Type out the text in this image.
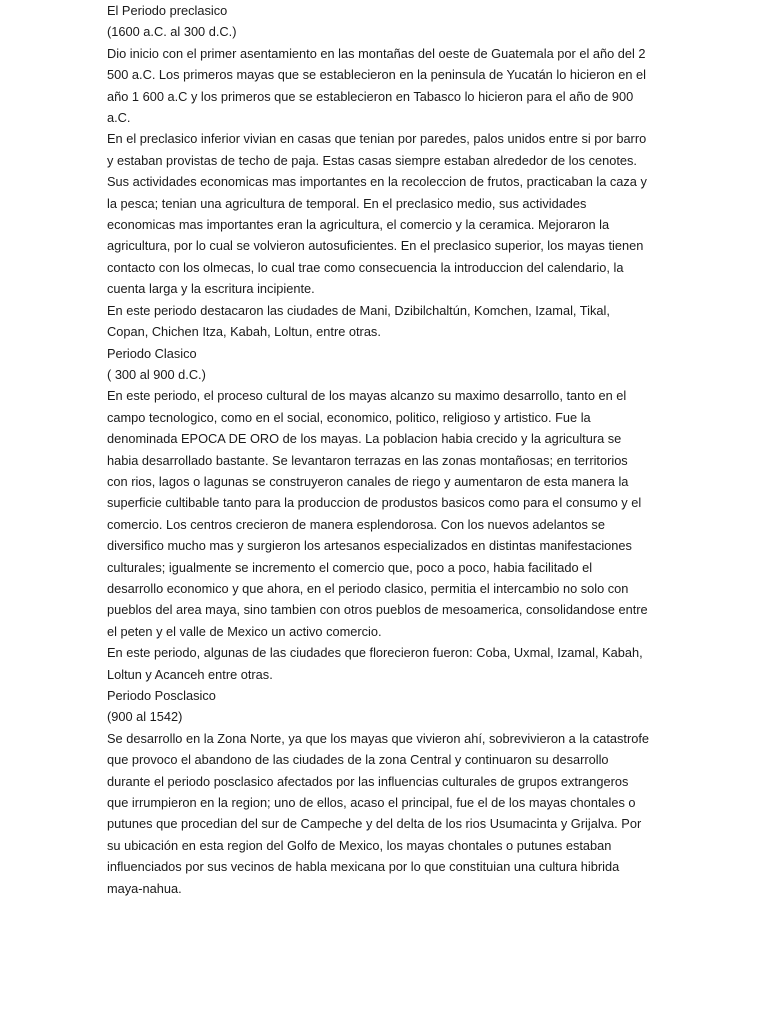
El Periodo preclasico
(1600 a.C. al 300 d.C.)
Dio inicio con el primer asentamiento en las montañas del oeste de Guatemala por el año del 2
500 a.C. Los primeros mayas que se establecieron en la peninsula de Yucatán lo hicieron en el
año 1 600 a.C y los primeros que se establecieron en Tabasco lo hicieron para el año de 900
a.C.
En el preclasico inferior vivian en casas que tenian por paredes, palos unidos entre si por barro
y estaban provistas de techo de paja. Estas casas siempre estaban alrededor de los cenotes.
Sus actividades economicas mas importantes en la recoleccion de frutos, practicaban la caza y
la pesca; tenian una agricultura de temporal. En el preclasico medio, sus actividades
economicas mas importantes eran la agricultura, el comercio y la ceramica. Mejoraron la
agricultura, por lo cual se volvieron autosuficientes. En el preclasico superior, los mayas tienen
contacto con los olmecas, lo cual trae como consecuencia la introduccion del calendario, la
cuenta larga y la escritura incipiente.
En este periodo destacaron las ciudades de Mani, Dzibilchaltún, Komchen, Izamal, Tikal,
Copan, Chichen Itza, Kabah, Loltun, entre otras.
Periodo Clasico
( 300 al 900 d.C.)
En este periodo, el proceso cultural de los mayas alcanzo su maximo desarrollo, tanto en el
campo tecnologico, como en el social, economico, politico, religioso y artistico. Fue la
denominada EPOCA DE ORO de los mayas. La poblacion habia crecido y la agricultura se
habia desarrollado bastante. Se levantaron terrazas en las zonas montañosas; en territorios
con rios, lagos o lagunas se construyeron canales de riego y aumentaron de esta manera la
superficie cultibable tanto para la produccion de produstos basicos como para el consumo y el
comercio. Los centros crecieron de manera esplendorosa. Con los nuevos adelantos se
diversifico mucho mas y surgieron los artesanos especializados en distintas manifestaciones
culturales; igualmente se incremento el comercio que, poco a poco, habia facilitado el
desarrollo economico y que ahora, en el periodo clasico, permitia el intercambio no solo con
pueblos del area maya, sino tambien con otros pueblos de mesoamerica, consolidandose entre
el peten y el valle de Mexico un activo comercio.
En este periodo, algunas de las ciudades que florecieron fueron: Coba, Uxmal, Izamal, Kabah,
Loltun y Acanceh entre otras.
Periodo Posclasico
(900 al 1542)
Se desarrollo en la Zona Norte, ya que los mayas que vivieron ahí, sobrevivieron a la catastrofe
que provoco el abandono de las ciudades de la zona Central y continuaron su desarrollo
durante el periodo posclasico afectados por las influencias culturales de grupos extrangeros
que irrumpieron en la region; uno de ellos, acaso el principal, fue el de los mayas chontales o
putunes que procedian del sur de Campeche y del delta de los rios Usumacinta y Grijalva. Por
su ubicación en esta region del Golfo de Mexico, los mayas chontales o putunes estaban
influenciados por sus vecinos de habla mexicana por lo que constituian una cultura hibrida
maya-nahua.
